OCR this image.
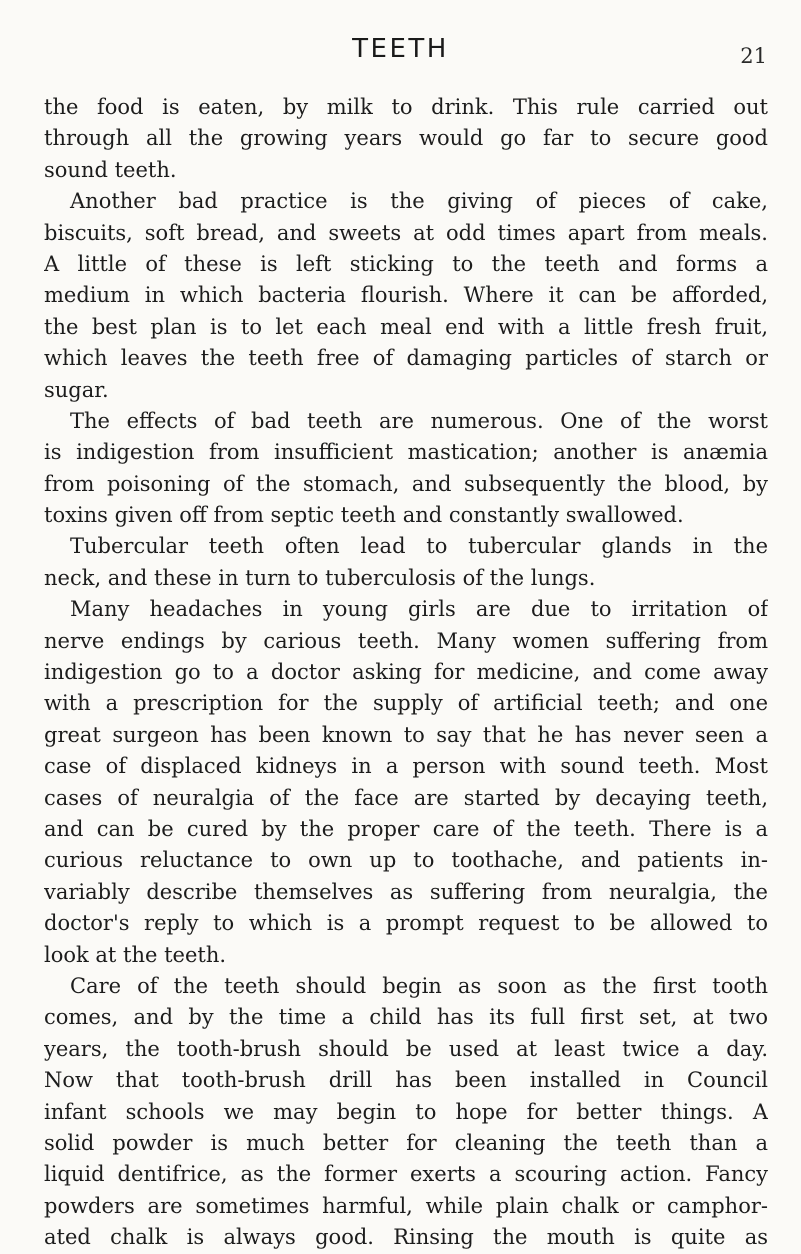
TEETH	21
the food is eaten, by milk to drink. This rule carried out
through all the growing years would go far to secure good
sound teeth.
Another bad practice is the giving of pieces of cake,
biscuits, soft bread, and sweets at odd times apart from meals.
A little of these is left sticking to the teeth and forms a
medium in which bacteria flourish. Where it can be afforded,
the best plan is to let each meal end with a little fresh fruit,
which leaves the teeth free of damaging particles of starch or
sugar.
The effects of bad teeth are numerous. One of the worst
is indigestion from insufficient mastication; another is anæmia
from poisoning of the stomach, and subsequently the blood, by
toxins given off from septic teeth and constantly swallowed.
Tubercular teeth often lead to tubercular glands in the
neck, and these in turn to tuberculosis of the lungs.
Many headaches in young girls are due to irritation of
nerve endings by carious teeth. Many women suffering from
indigestion go to a doctor asking for medicine, and come away
with a prescription for the supply of artificial teeth; and one
great surgeon has been known to say that he has never seen a
case of displaced kidneys in a person with sound teeth. Most
cases of neuralgia of the face are started by decaying teeth,
and can be cured by the proper care of the teeth. There is a
curious reluctance to own up to toothache, and patients in-
variably describe themselves as suffering from neuralgia, the
doctor's reply to which is a prompt request to be allowed to
look at the teeth.
Care of the teeth should begin as soon as the first tooth
comes, and by the time a child has its full first set, at two
years, the tooth-brush should be used at least twice a day.
Now that tooth-brush drill has been installed in Council
infant schools we may begin to hope for better things. A
solid powder is much better for cleaning the teeth than a
liquid dentifrice, as the former exerts a scouring action. Fancy
powders are sometimes harmful, while plain chalk or camphor-
ated chalk is always good. Rinsing the mouth is quite as
